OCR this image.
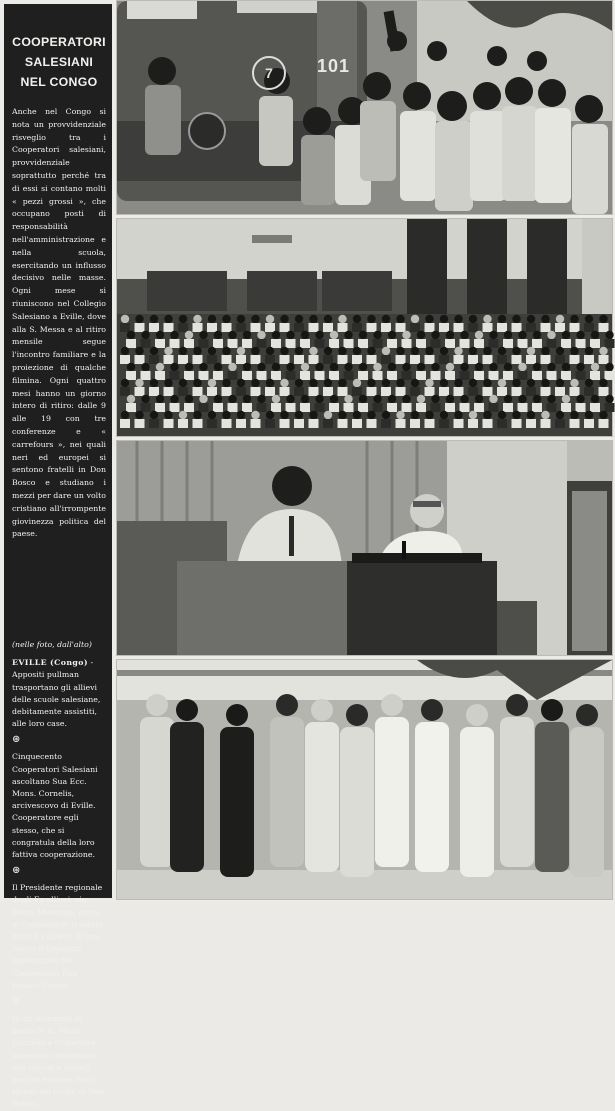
COOPERATORI
SALESIANI
NEL CONGO
Anche nel Congo si nota un provvidenziale risveglio tra i Cooperatori salesiani, provvidenziale soprattutto perché tra di essi si contano molti « pezzi grossi », che occupano posti di responsabilità nell'amministrazione e nella scuola, esercitando un influsso decisivo nelle masse. Ogni mese si riuniscono nel Collegio Salesiano a Eville, dove alla S. Messa e al ritiro mensile segue l'incontro familiare e la proiezione di qualche filmina. Ogni quattro mesi hanno un giorno intero di ritiro: dalle 9 alle 19 con tre conferenze e « carrefours », nei quali neri ed europei si sentono fratelli in Don Bosco e studiano i mezzi per dare un volto cristiano all'irrompente giovinezza politica del paese.
(nelle foto, dall'alto)
EVILLE (Congo) - Appositi pullman trasportano gli allievi delle scuole salesiane, debitamente assistiti, alle loro case.
⊛
Cinquecento Cooperatori Salesiani ascoltano Sua Ecc. Mons. Cornelis, arcivescovo di Eville. Cooperatore egli stesso, che si congratula della loro fattiva cooperazione.
⊛
Il Presidente regionale degli Ex allievi, sig. Denis Musenge, porta ai Cooperatori il saluto degli Ex allievi. Al suo fianco il Delegato Ispettoriale dei Cooperatori Don Renato Pieron.
⊛
In un momento di pausa S. E. Mons. Cornelis e l'Ispettore salesiano conversano con piccoli e grandi, neri ed europei, tutti riuniti nel cuore di Don Bosco.
101
7
